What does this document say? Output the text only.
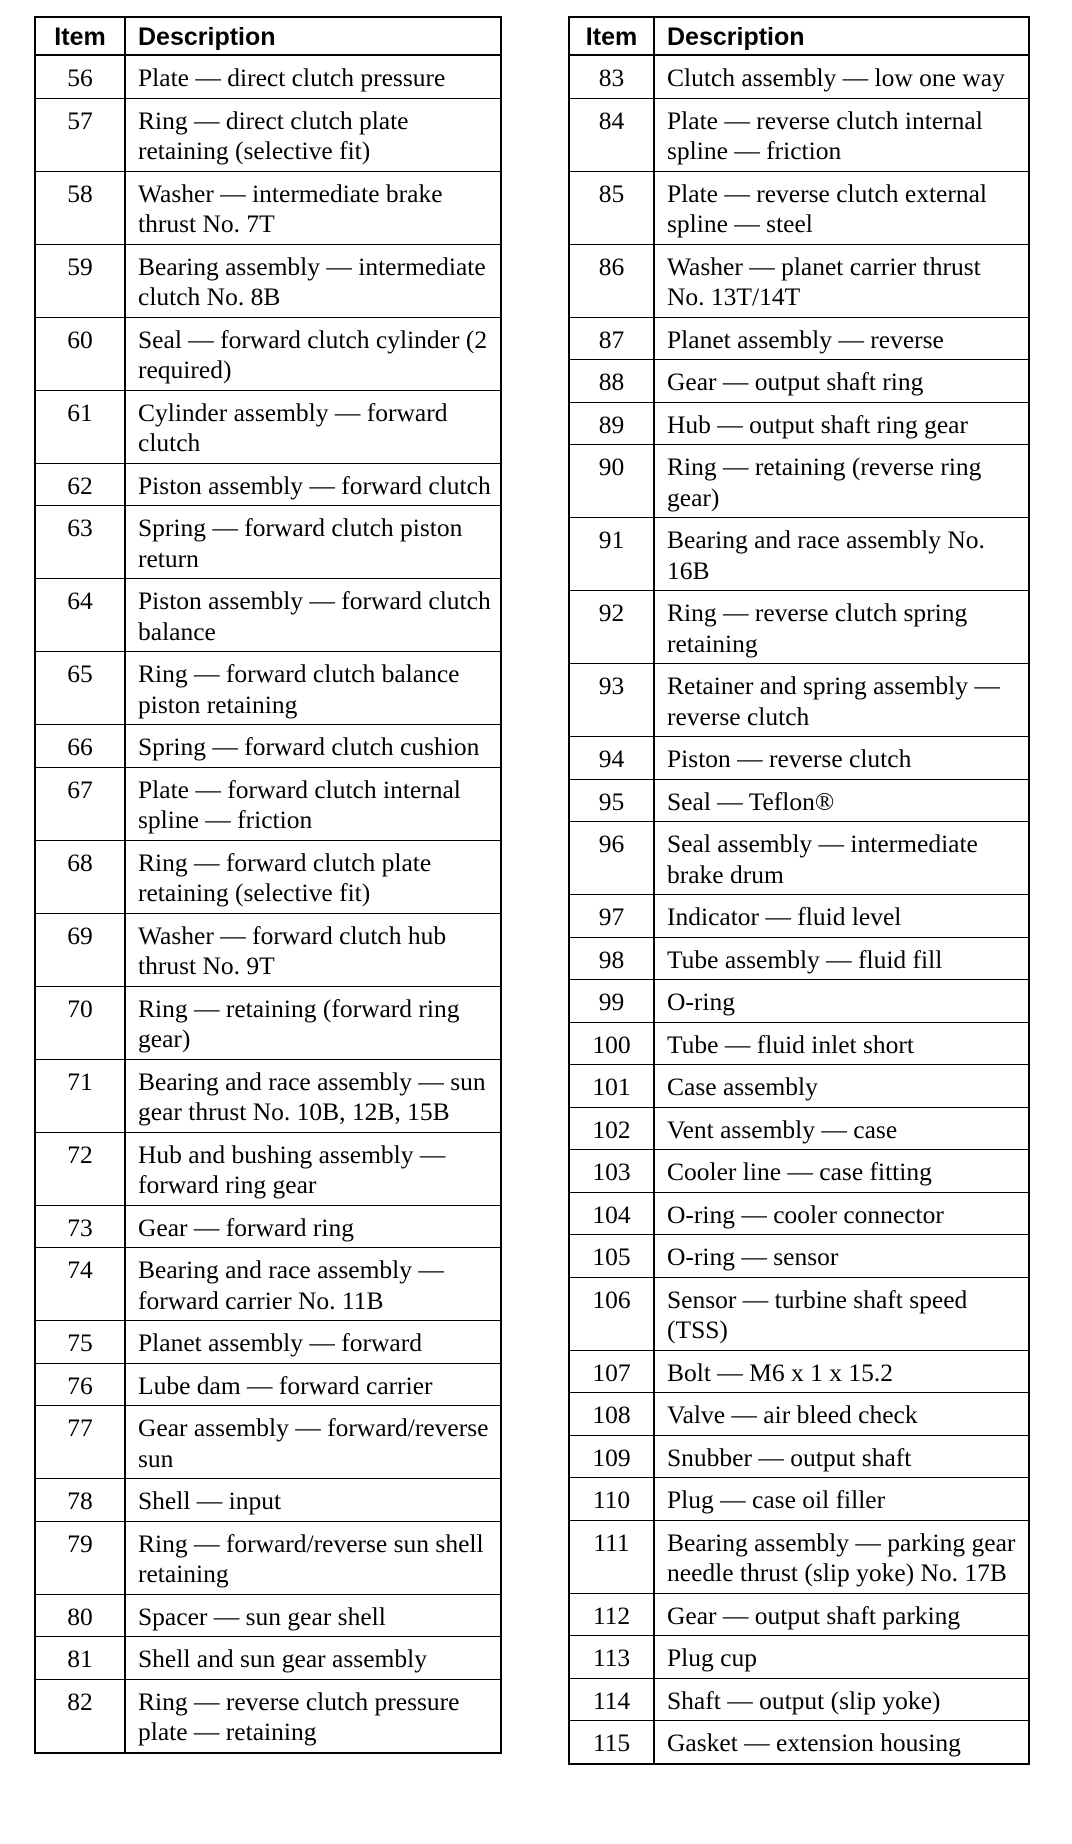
Item	Description
56	Plate — direct clutch pressure
57	Ring — direct clutch plate retaining (selective fit)
58	Washer — intermediate brake thrust No. 7T
59	Bearing assembly — intermediate clutch No. 8B
60	Seal — forward clutch cylinder (2 required)
61	Cylinder assembly — forward clutch
62	Piston assembly — forward clutch
63	Spring — forward clutch piston return
64	Piston assembly — forward clutch balance
65	Ring — forward clutch balance piston retaining
66	Spring — forward clutch cushion
67	Plate — forward clutch internal spline — friction
68	Ring — forward clutch plate retaining (selective fit)
69	Washer — forward clutch hub thrust No. 9T
70	Ring — retaining (forward ring gear)
71	Bearing and race assembly — sun gear thrust No. 10B, 12B, 15B
72	Hub and bushing assembly — forward ring gear
73	Gear — forward ring
74	Bearing and race assembly — forward carrier No. 11B
75	Planet assembly — forward
76	Lube dam — forward carrier
77	Gear assembly — forward/reverse sun
78	Shell — input
79	Ring — forward/reverse sun shell retaining
80	Spacer — sun gear shell
81	Shell and sun gear assembly
82	Ring — reverse clutch pressure plate — retaining
Item	Description
83	Clutch assembly — low one way
84	Plate — reverse clutch internal spline — friction
85	Plate — reverse clutch external spline — steel
86	Washer — planet carrier thrust No. 13T/14T
87	Planet assembly — reverse
88	Gear — output shaft ring
89	Hub — output shaft ring gear
90	Ring — retaining (reverse ring gear)
91	Bearing and race assembly No. 16B
92	Ring — reverse clutch spring retaining
93	Retainer and spring assembly — reverse clutch
94	Piston — reverse clutch
95	Seal — Teflon®
96	Seal assembly — intermediate brake drum
97	Indicator — fluid level
98	Tube assembly — fluid fill
99	O-ring
100	Tube — fluid inlet short
101	Case assembly
102	Vent assembly — case
103	Cooler line — case fitting
104	O-ring — cooler connector
105	O-ring — sensor
106	Sensor — turbine shaft speed (TSS)
107	Bolt — M6 x 1 x 15.2
108	Valve — air bleed check
109	Snubber — output shaft
110	Plug — case oil filler
111	Bearing assembly — parking gear needle thrust (slip yoke) No. 17B
112	Gear — output shaft parking
113	Plug cup
114	Shaft — output (slip yoke)
115	Gasket — extension housing
